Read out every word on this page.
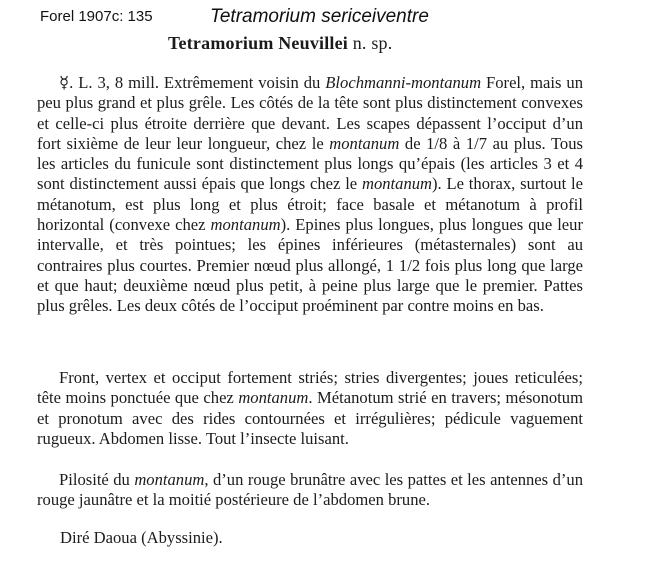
Forel 1907c: 135	Tetramorium sericeiventre
Tetramorium Neuvillei n. sp.
☿. L. 3, 8 mill. Extrêmement voisin du Blochmanni-montanum Forel, mais un peu plus grand et plus grêle. Les côtés de la tête sont plus distinctement convexes et celle-ci plus étroite derrière que devant. Les scapes dépassent l’occiput d’un fort sixième de leur leur longueur, chez le montanum de 1/8 à 1/7 au plus. Tous les articles du funicule sont distinctement plus longs qu’épais (les articles 3 et 4 sont distinctement aussi épais que longs chez le montanum). Le thorax, surtout le métanotum, est plus long et plus étroit; face basale et métanotum à profil horizontal (convexe chez montanum). Epines plus longues, plus longues que leur intervalle, et très pointues; les épines inférieures (métasternales) sont au contraires plus courtes. Premier nœud plus allongé, 1 1/2 fois plus long que large et que haut; deuxième nœud plus petit, à peine plus large que le premier. Pattes plus grêles. Les deux côtés de l’occiput proéminent par contre moins en bas.
Front, vertex et occiput fortement striés; stries divergentes; joues reticulées; tête moins ponctuée que chez montanum. Métanotum strié en travers; mésonotum et pronotum avec des rides contournées et irrégulières; pédicule vaguement rugueux. Abdomen lisse. Tout l’insecte luisant.
Pilosité du montanum, d’un rouge brunâtre avec les pattes et les antennes d’un rouge jaunâtre et la moitié postérieure de l’abdomen brune.
Diré Daoua (Abyssinie).
